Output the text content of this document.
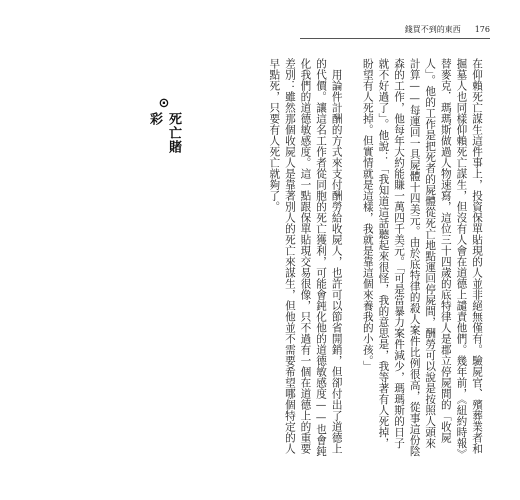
錢買不到的東西 176

在仰賴死亡謀生這件事上，投資保單貼現的人並非絕無僅有。驗屍官、殯葬業者和掘墓人也同樣仰賴死亡謀生，但沒有人會在道德上譴責他們。幾年前，《紐約時報》替麥克．瑪瑪斯做過人物速寫，這位三十四歲的底特律人是郡立停屍間的「收屍人」。他的工作是把死者的屍體從死亡地點運回停屍間，酬勞可以說是按照人頭來計算——每運回一具屍體十四美元。由於底特律的殺人案件比例很高，從事這份陰森的工作，他每年大約能賺一萬四千美元。「可是當暴力案件減少，瑪瑪斯的日子就不好過了」。他說：「我知道這話聽起來很怪，我的意思是，我等著有人死掉，盼望有人死掉。但實情就是這樣，我就是靠這個來養我的小孩。」

用論件計酬的方式來支付酬勞給收屍人，也許可以節省開銷，但卻付出了道德上的代價。讓這名工作者從同胞的死亡獲利，可能會鈍化他的道德敏感度——也會鈍化我們的道德敏感度。這一點跟保單貼現交易很像，只不過有一個在道德上的重要差別：雖然那個收屍人是靠著別人的死亡來謀生，但他並不需要希望哪個特定的人早點死，只要有人死亡就夠了。

⊙
死亡賭彩
